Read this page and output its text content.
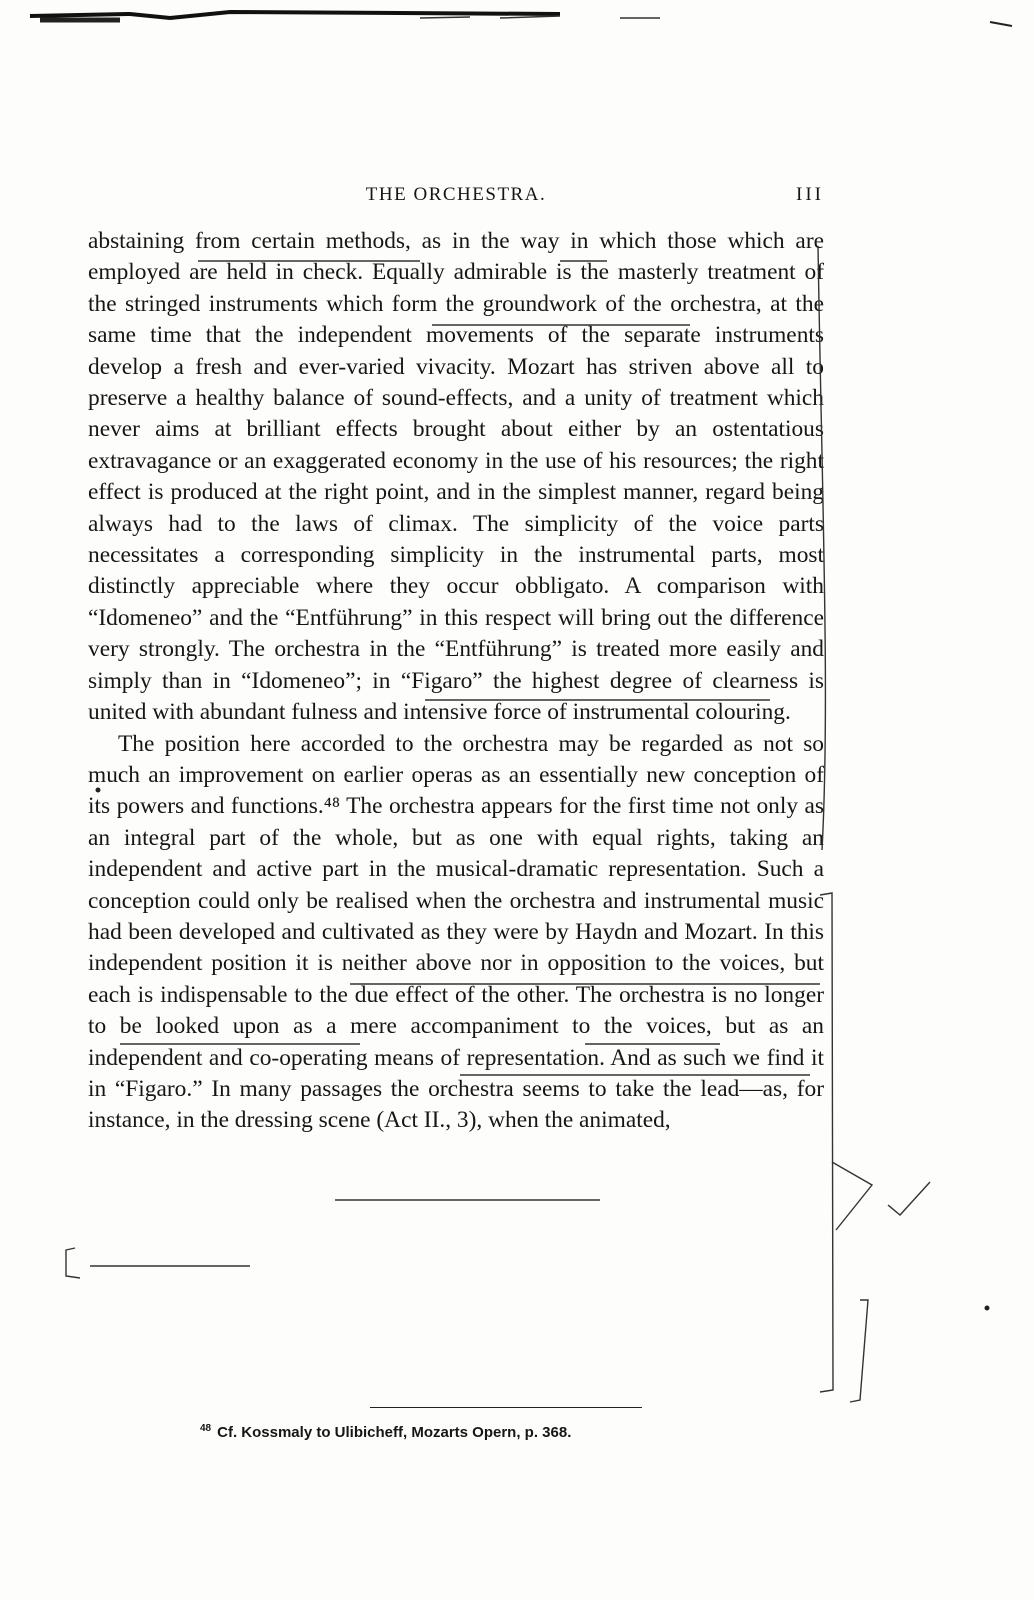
THE ORCHESTRA.	III

abstaining from certain methods, as in the way in which those which are employed are held in check. Equally admirable is the masterly treatment of the stringed instruments which form the groundwork of the orchestra, at the same time that the independent movements of the separate instruments develop a fresh and ever-varied vivacity. Mozart has striven above all to preserve a healthy balance of sound-effects, and a unity of treatment which never aims at brilliant effects brought about either by an ostentatious extravagance or an exaggerated economy in the use of his resources; the right effect is produced at the right point, and in the simplest manner, regard being always had to the laws of climax. The simplicity of the voice parts necessitates a corresponding simplicity in the instrumental parts, most distinctly appreciable where they occur obbligato. A comparison with “Idomeneo” and the “Entführung” in this respect will bring out the difference very strongly. The orchestra in the “Entführung” is treated more easily and simply than in “Idomeneo”; in “Figaro” the highest degree of clearness is united with abundant fulness and intensive force of instrumental colouring.

The position here accorded to the orchestra may be regarded as not so much an improvement on earlier operas as an essentially new conception of its powers and functions.⁴⁸ The orchestra appears for the first time not only as an integral part of the whole, but as one with equal rights, taking an independent and active part in the musical-dramatic representation. Such a conception could only be realised when the orchestra and instrumental music had been developed and cultivated as they were by Haydn and Mozart. In this independent position it is neither above nor in opposition to the voices, but each is indispensable to the due effect of the other. The orchestra is no longer to be looked upon as a mere accompaniment to the voices, but as an independent and co-operating means of representation. And as such we find it in “Figaro.” In many passages the orchestra seems to take the lead—as, for instance, in the dressing scene (Act II., 3), when the animated,

$^{48}$ Cf. Kossmaly to Ulibicheff, Mozarts Opern, p. 368.
